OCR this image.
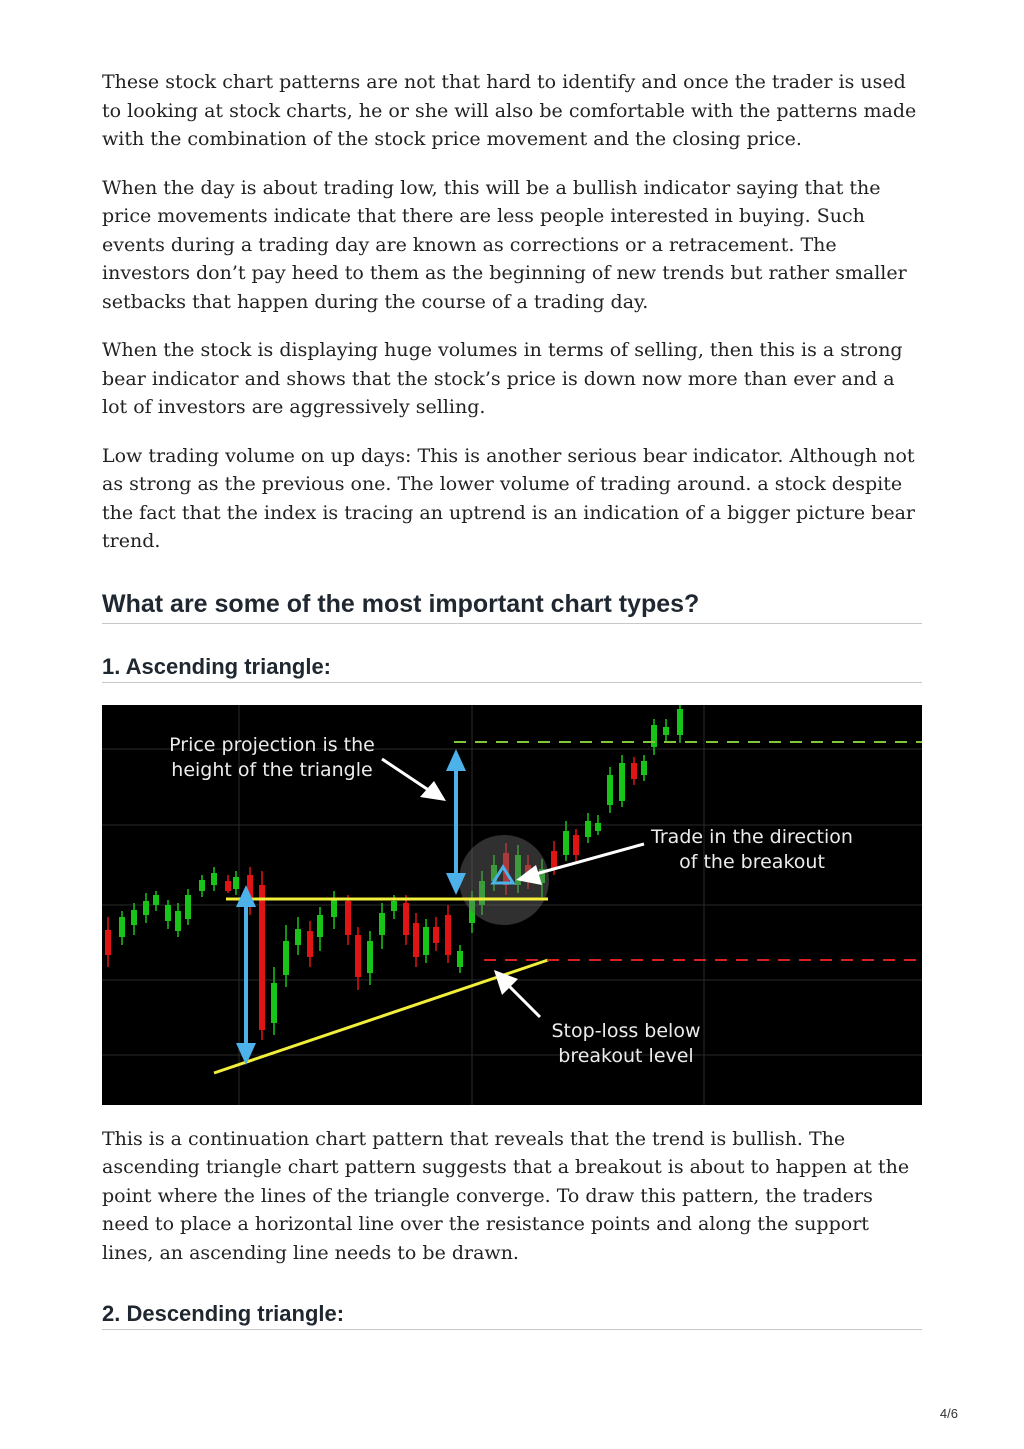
These stock chart patterns are not that hard to identify and once the trader is used to looking at stock charts, he or she will also be comfortable with the patterns made with the combination of the stock price movement and the closing price.

When the day is about trading low, this will be a bullish indicator saying that the price movements indicate that there are less people interested in buying. Such events during a trading day are known as corrections or a retracement. The investors don’t pay heed to them as the beginning of new trends but rather smaller setbacks that happen during the course of a trading day.

When the stock is displaying huge volumes in terms of selling, then this is a strong bear indicator and shows that the stock’s price is down now more than ever and a lot of investors are aggressively selling.

Low trading volume on up days: This is another serious bear indicator. Although not as strong as the previous one. The lower volume of trading around. a stock despite the fact that the index is tracing an uptrend is an indication of a bigger picture bear trend.

What are some of the most important chart types?
1. Ascending triangle:
Price projection is the
height of the triangle
Trade in the direction
of the breakout
Stop-loss below
breakout level

This is a continuation chart pattern that reveals that the trend is bullish. The ascending triangle chart pattern suggests that a breakout is about to happen at the point where the lines of the triangle converge. To draw this pattern, the traders need to place a horizontal line over the resistance points and along the support lines, an ascending line needs to be drawn.

2. Descending triangle:
4/6
